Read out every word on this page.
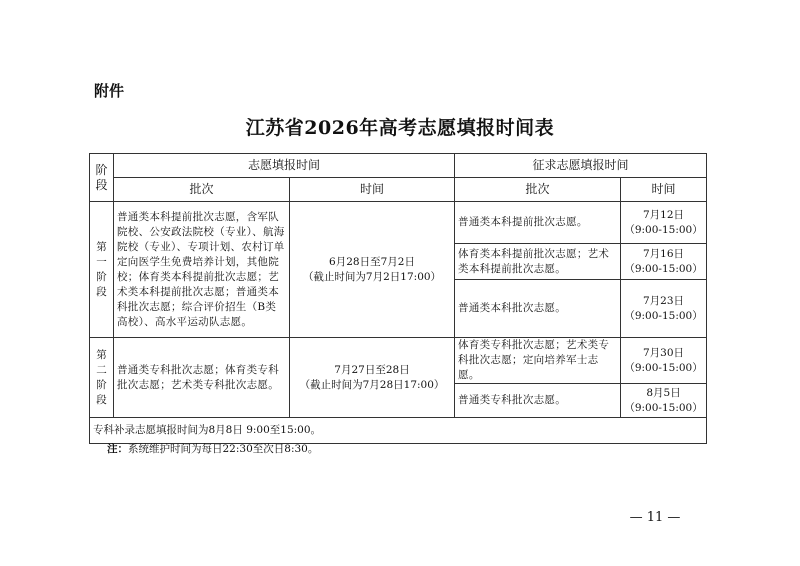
附件
江苏省2026年高考志愿填报时间表
阶
段	志愿填报时间		征求志愿填报时间	
	批次	时间	批次	时间

第
一
阶
段	普通类本科提前批次志愿，含军队院校、公安政法院校（专业）、航海院校（专业）、专项计划、农村订单定向医学生免费培养计划，其他院校；体育类本科提前批次志愿；艺术类本科提前批次志愿；普通类本科批次志愿；综合评价招生（B类高校）、高水平运动队志愿。	6月28日至7月2日
（截止时间为7月2日17:00）	普通类本科提前批次志愿。	7月12日
（9:00-15:00）

			体育类本科提前批次志愿；艺术类本科提前批次志愿。	7月16日
（9:00-15:00）

			普通类本科批次志愿。	7月23日
（9:00-15:00）

第
二
阶
段	普通类专科批次志愿；体育类专科批次志愿；艺术类专科批次志愿。	7月27日至28日
（截止时间为7月28日17:00）	体育类专科批次志愿；艺术类专科批次志愿；定向培养军士志愿。	7月30日
（9:00-15:00）

			普通类专科批次志愿。	8月5日
（9:00-15:00）

专科补录志愿填报时间为8月8日 9:00至15:00。				
注：系统维护时间为每日22:30至次日8:30。
— 11 —
